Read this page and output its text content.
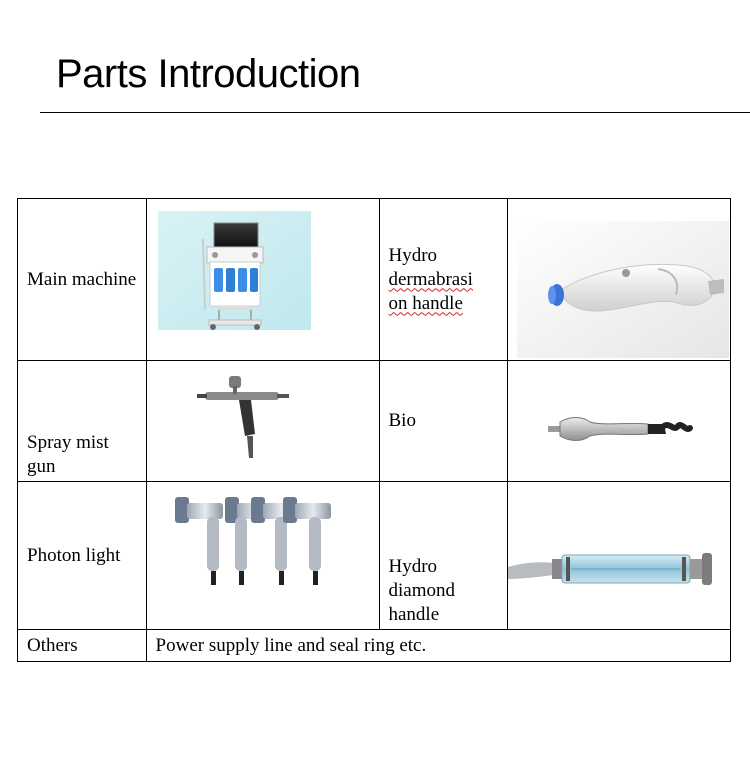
Parts Introduction
Main machine		Hydro
dermabrasi
on handle

Spray mist
gun		Bio

Photon light		Hydro
diamond
handle

Others	Power supply line and seal ring etc.		
